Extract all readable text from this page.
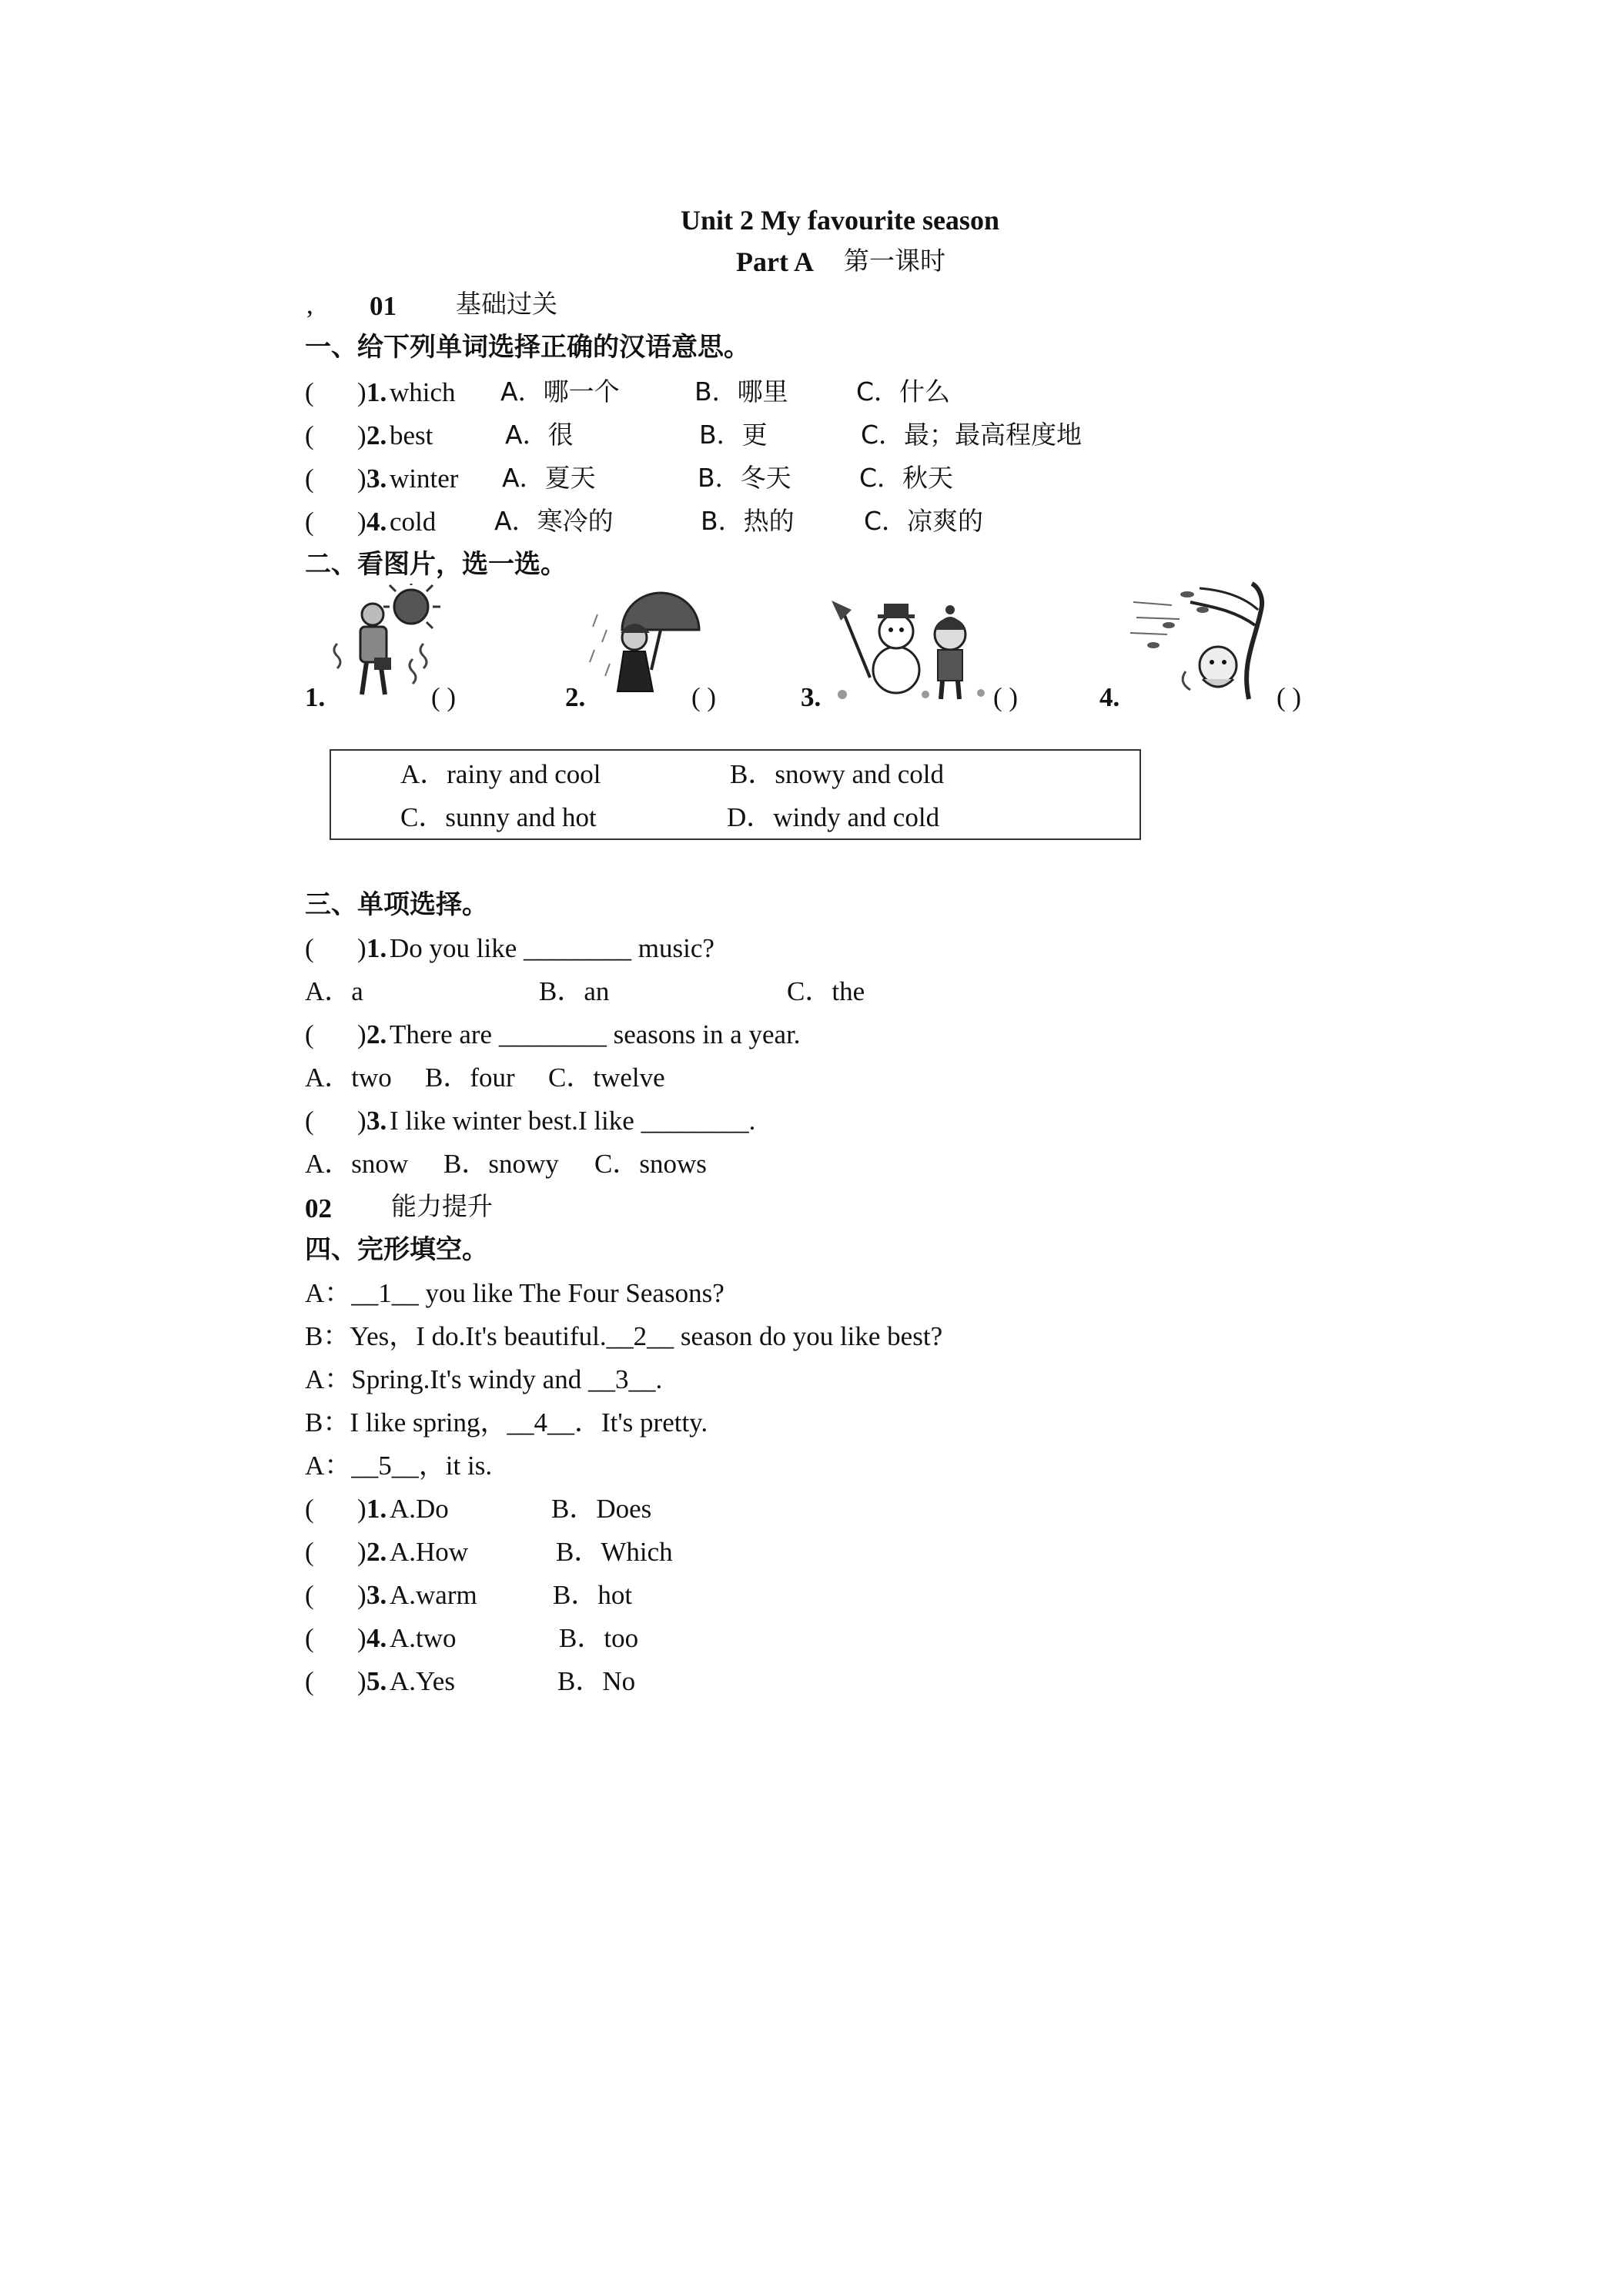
Unit 2 My favourite season
Part A 第一课时
, 01 基础过关
一、给下列单词选择正确的汉语意思。
( ) 1. which A．哪一个	B．哪里	C．什么
( ) 2. best	A．很	B．更	C．最；最高程度地
( ) 3. winter A．夏天	B．冬天	C．秋天
( ) 4. cold A．寒冷的	B．热的	C．凉爽的
二、看图片，选一选。
1.	( )	2.	( )	3.	( )	4.	( )
A．rainy and cool	B．snowy and cold
C．sunny and hot	D．windy and cold
三、单项选择。
( ) 1. Do you like ________ music?
A．a	B．an	C．the
( ) 2. There are ________ seasons in a year.
A．two B．four C．twelve
( ) 3. I like winter best.I like ________.
A．snow B．snowy C．snows
02 能力提升
四、完形填空。
A：__1__ you like The Four Seasons?
B：Yes，I do.It's beautiful.__2__ season do you like best?
A：Spring.It's windy and __3__.
B：I like spring，__4__．It's pretty.
A：__5__，it is.
( ) 1. A.Do	B．Does
( ) 2. A.How	B．Which
( ) 3. A.warm	B．hot
( ) 4. A.two	B．too
( ) 5. A.Yes	B．No
